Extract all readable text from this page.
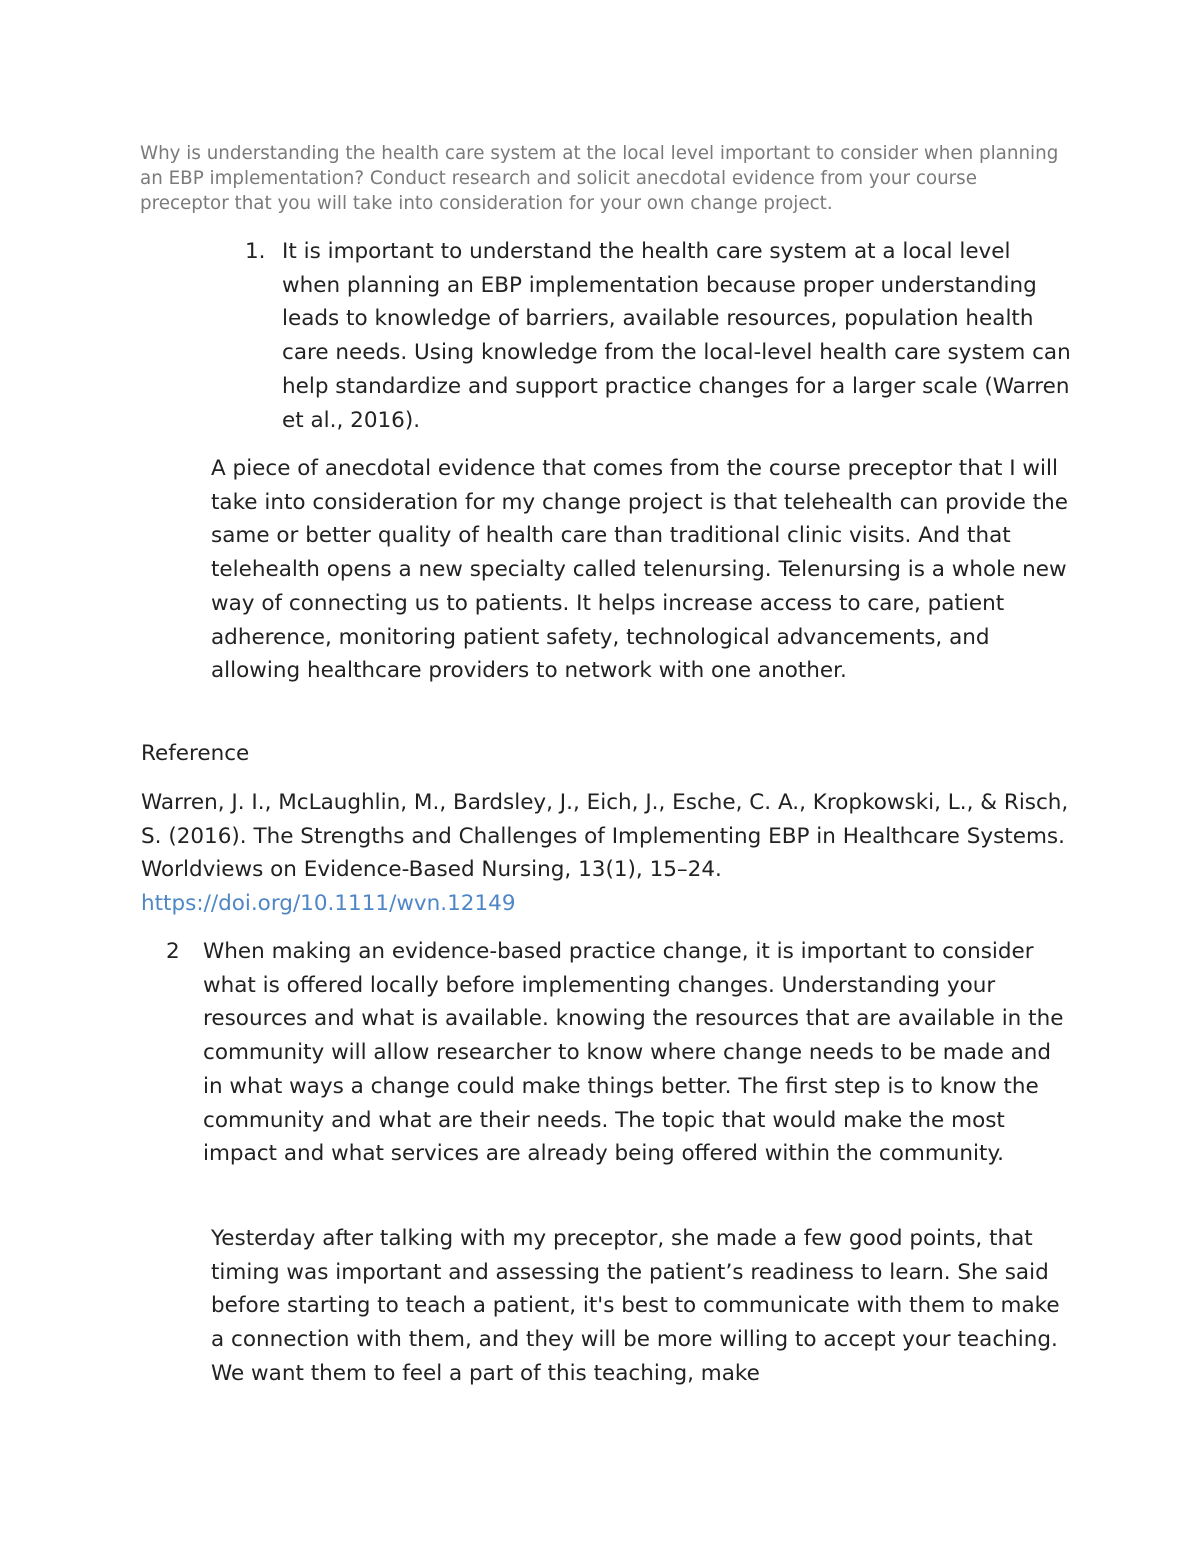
Why is understanding the health care system at the local level important to consider when planning an EBP implementation? Conduct research and solicit anecdotal evidence from your course preceptor that you will take into consideration for your own change project.

1. It is important to understand the health care system at a local level when planning an EBP implementation because proper understanding leads to knowledge of barriers, available resources, population health care needs. Using knowledge from the local-level health care system can help standardize and support practice changes for a larger scale (Warren et al., 2016).

A piece of anecdotal evidence that comes from the course preceptor that I will take into consideration for my change project is that telehealth can provide the same or better quality of health care than traditional clinic visits. And that telehealth opens a new specialty called telenursing. Telenursing is a whole new way of connecting us to patients. It helps increase access to care, patient adherence, monitoring patient safety, technological advancements, and allowing healthcare providers to network with one another.

Reference

Warren, J. I., McLaughlin, M., Bardsley, J., Eich, J., Esche, C. A., Kropkowski, L., & Risch, S. (2016). The Strengths and Challenges of Implementing EBP in Healthcare Systems. Worldviews on Evidence-Based Nursing, 13(1), 15–24. https://doi.org/10.1111/wvn.12149

2 When making an evidence-based practice change, it is important to consider what is offered locally before implementing changes. Understanding your resources and what is available. knowing the resources that are available in the community will allow researcher to know where change needs to be made and in what ways a change could make things better. The first step is to know the community and what are their needs. The topic that would make the most impact and what services are already being offered within the community.

Yesterday after talking with my preceptor, she made a few good points, that timing was important and assessing the patient’s readiness to learn. She said before starting to teach a patient, it's best to communicate with them to make a connection with them, and they will be more willing to accept your teaching. We want them to feel a part of this teaching, make
